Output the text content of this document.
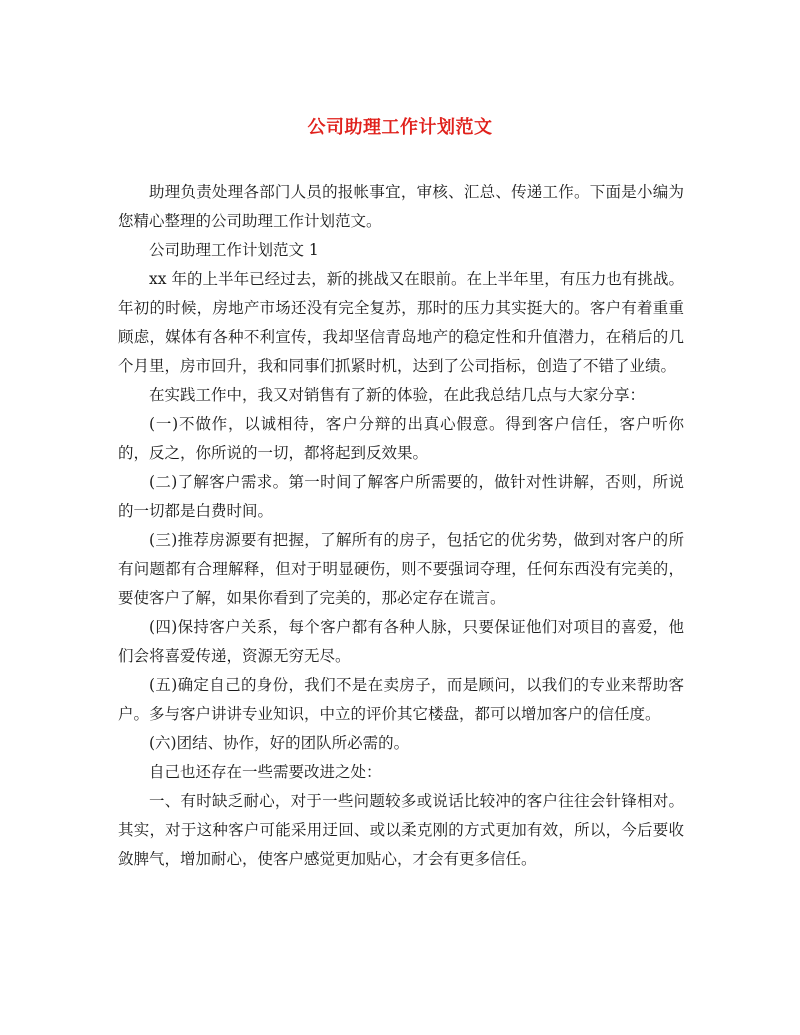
公司助理工作计划范文

助理负责处理各部门人员的报帐事宜，审核、汇总、传递工作。下面是小编为您精心整理的公司助理工作计划范文。

公司助理工作计划范文 1

xx 年的上半年已经过去，新的挑战又在眼前。在上半年里，有压力也有挑战。年初的时候，房地产市场还没有完全复苏，那时的压力其实挺大的。客户有着重重顾虑，媒体有各种不利宣传，我却坚信青岛地产的稳定性和升值潜力，在稍后的几个月里，房市回升，我和同事们抓紧时机，达到了公司指标，创造了不错了业绩。

在实践工作中，我又对销售有了新的体验，在此我总结几点与大家分享：

(一)不做作，以诚相待，客户分辩的出真心假意。得到客户信任，客户听你的，反之，你所说的一切，都将起到反效果。

(二)了解客户需求。第一时间了解客户所需要的，做针对性讲解，否则，所说的一切都是白费时间。

(三)推荐房源要有把握，了解所有的房子，包括它的优劣势，做到对客户的所有问题都有合理解释，但对于明显硬伤，则不要强词夺理，任何东西没有完美的，要使客户了解，如果你看到了完美的，那必定存在谎言。

(四)保持客户关系，每个客户都有各种人脉，只要保证他们对项目的喜爱，他们会将喜爱传递，资源无穷无尽。

(五)确定自己的身份，我们不是在卖房子，而是顾问，以我们的专业来帮助客户。多与客户讲讲专业知识，中立的评价其它楼盘，都可以增加客户的信任度。

(六)团结、协作，好的团队所必需的。

自己也还存在一些需要改进之处：

一、有时缺乏耐心，对于一些问题较多或说话比较冲的客户往往会针锋相对。其实，对于这种客户可能采用迂回、或以柔克刚的方式更加有效，所以，今后要收敛脾气，增加耐心，使客户感觉更加贴心，才会有更多信任。
